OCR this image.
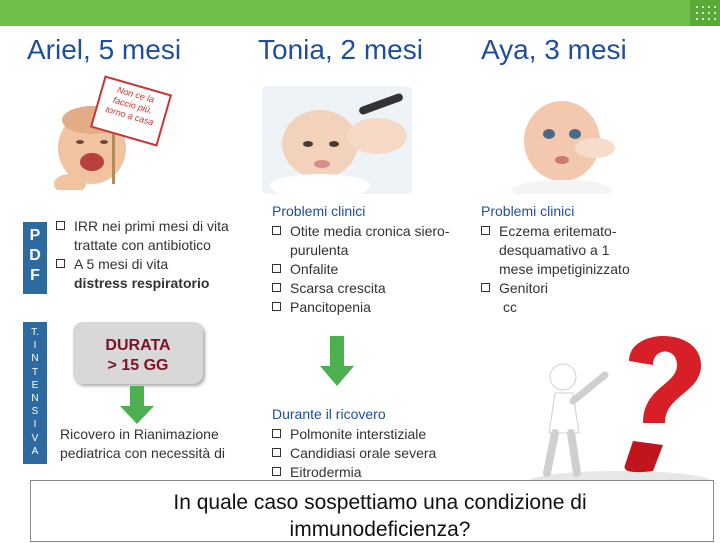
Ariel, 5 mesi	Tonia, 2 mesi Aya, 3 mesi
Non ce la faccio più, torno a casa
P
D
F
T.
I
N
T
E
N
S
I
V
A
IRR nei primi mesi di vita trattate con antibiotico
A 5 mesi di vita
distress respiratorio
DURATA
> 15 GG
Ricovero in Rianimazione pediatrica con necessità di
Problemi clinici
Otite media cronica siero-purulenta
Onfalite
Scarsa crescita
Pancitopenia
Durante il ricovero
Polmonite interstiziale
Candidiasi orale severa
Eitrodermia
Problemi clinici
Eczema eritemato-desquamativo a 1 mese impetiginizzato
Genitori
cc
In quale caso sospettiamo una condizione di immunodeficienza?
